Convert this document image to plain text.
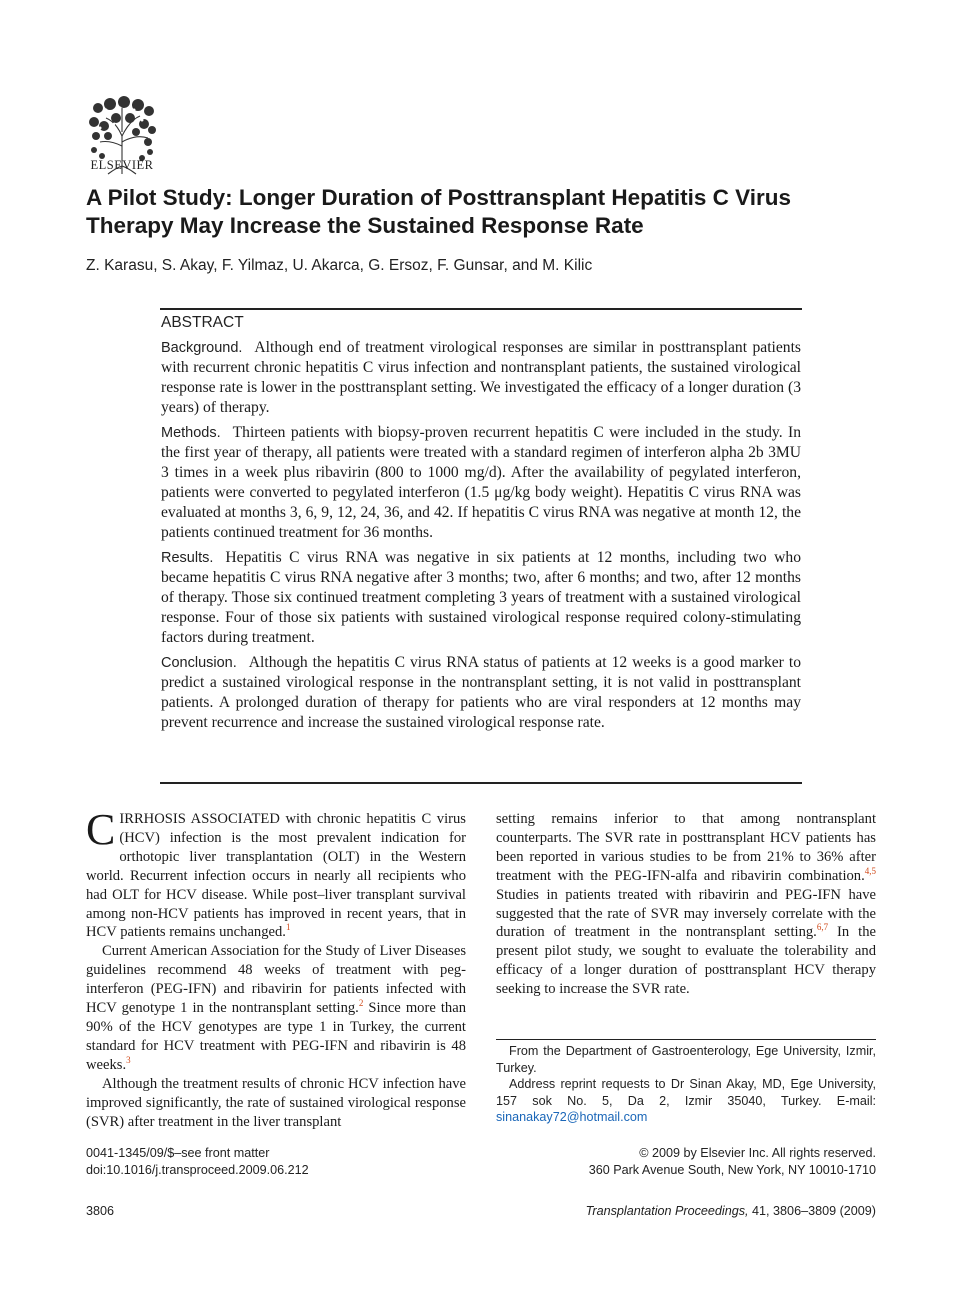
ELSEVIER
A Pilot Study: Longer Duration of Posttransplant Hepatitis C Virus Therapy May Increase the Sustained Response Rate
Z. Karasu, S. Akay, F. Yilmaz, U. Akarca, G. Ersoz, F. Gunsar, and M. Kilic
ABSTRACT

Background. Although end of treatment virological responses are similar in posttransplant patients with recurrent chronic hepatitis C virus infection and nontransplant patients, the sustained virological response rate is lower in the posttransplant setting. We investigated the efficacy of a longer duration (3 years) of therapy.

Methods. Thirteen patients with biopsy-proven recurrent hepatitis C were included in the study. In the first year of therapy, all patients were treated with a standard regimen of interferon alpha 2b 3MU 3 times in a week plus ribavirin (800 to 1000 mg/d). After the availability of pegylated interferon, patients were converted to pegylated interferon (1.5 μg/kg body weight). Hepatitis C virus RNA was evaluated at months 3, 6, 9, 12, 24, 36, and 42. If hepatitis C virus RNA was negative at month 12, the patients continued treatment for 36 months.

Results. Hepatitis C virus RNA was negative in six patients at 12 months, including two who became hepatitis C virus RNA negative after 3 months; two, after 6 months; and two, after 12 months of therapy. Those six continued treatment completing 3 years of treatment with a sustained virological response. Four of those six patients with sustained virological response required colony-stimulating factors during treatment.

Conclusion. Although the hepatitis C virus RNA status of patients at 12 weeks is a good marker to predict a sustained virological response in the nontransplant setting, it is not valid in posttransplant patients. A prolonged duration of therapy for patients who are viral responders at 12 months may prevent recurrence and increase the sustained virological response rate.

CIRRHOSIS ASSOCIATED with chronic hepatitis C virus (HCV) infection is the most prevalent indication for orthotopic liver transplantation (OLT) in the Western world. Recurrent infection occurs in nearly all recipients who had OLT for HCV disease. While post–liver transplant survival among non-HCV patients has improved in recent years, that in HCV patients remains unchanged.$^1$

Current American Association for the Study of Liver Diseases guidelines recommend 48 weeks of treatment with peg-interferon (PEG-IFN) and ribavirin for patients infected with HCV genotype 1 in the nontransplant setting.$^2$ Since more than 90% of the HCV genotypes are type 1 in Turkey, the current standard for HCV treatment with PEG-IFN and ribavirin is 48 weeks.$^3$

Although the treatment results of chronic HCV infection have improved significantly, the rate of sustained virological response (SVR) after treatment in the liver transplant

setting remains inferior to that among nontransplant counterparts. The SVR rate in posttransplant HCV patients has been reported in various studies to be from 21% to 36% after treatment with the PEG-IFN-alfa and ribavirin combination.$^{4,5}$ Studies in patients treated with ribavirin and PEG-IFN have suggested that the rate of SVR may inversely correlate with the duration of treatment in the nontransplant setting.$^{6,7}$ In the present pilot study, we sought to evaluate the tolerability and efficacy of a longer duration of posttransplant HCV therapy seeking to increase the SVR rate.

From the Department of Gastroenterology, Ege University, Izmir, Turkey.

Address reprint requests to Dr Sinan Akay, MD, Ege University, 157 sok No. 5, Da 2, Izmir 35040, Turkey. E-mail: sinanakay72@hotmail.com

0041-1345/09/$–see front matter
doi:10.1016/j.transproceed.2009.06.212
© 2009 by Elsevier Inc. All rights reserved.
360 Park Avenue South, New York, NY 10010-1710
3806	Transplantation Proceedings, 41, 3806–3809 (2009)
